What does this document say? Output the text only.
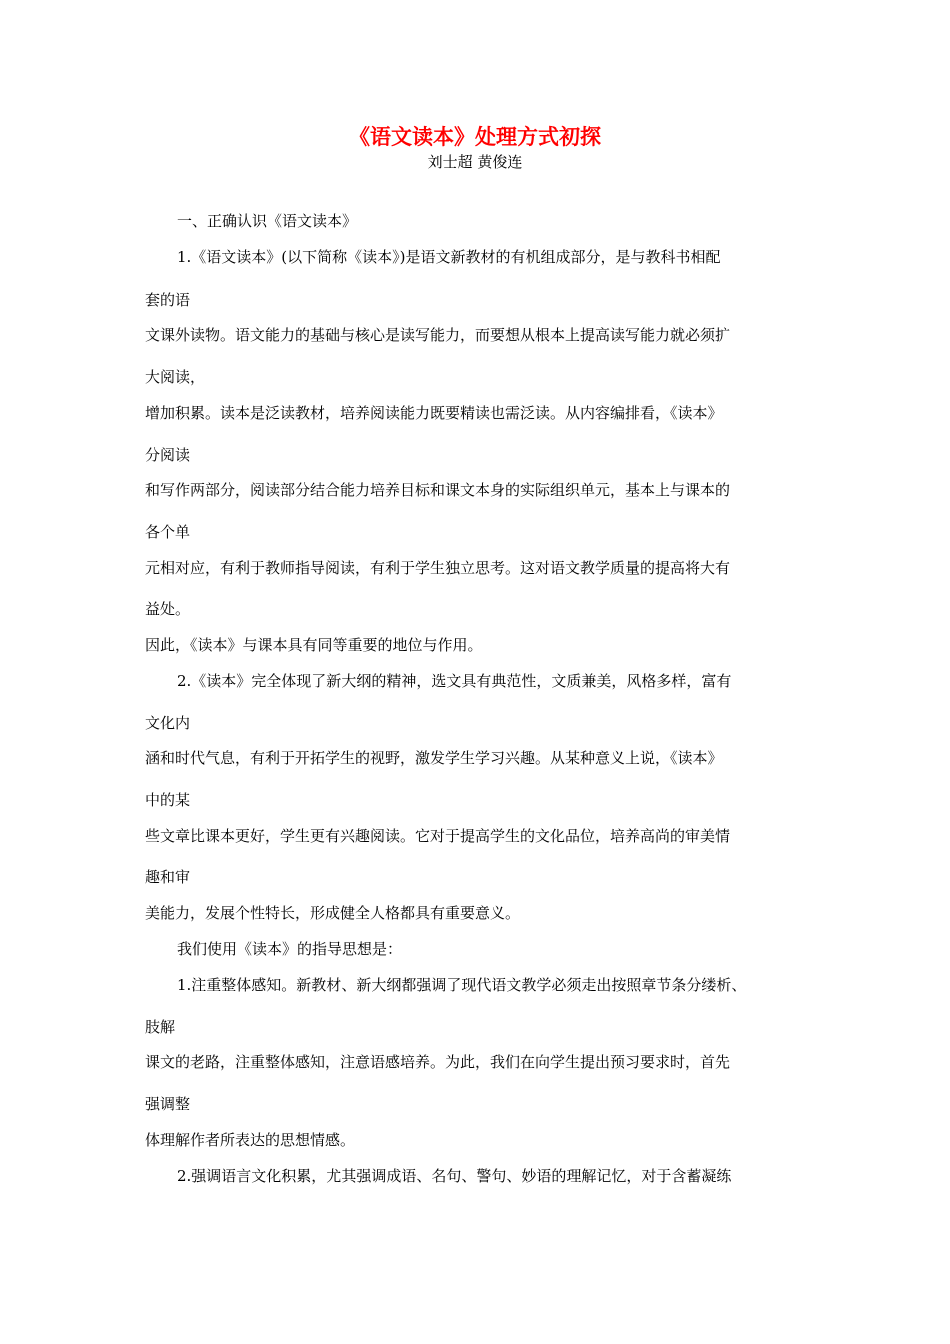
《语文读本》处理方式初探
刘士超 黄俊连
一、正确认识《语文读本》
1.《语文读本》(以下简称《读本》)是语文新教材的有机组成部分，是与教科书相配
套的语
文课外读物。语文能力的基础与核心是读写能力，而要想从根本上提高读写能力就必须扩
大阅读，
增加积累。读本是泛读教材，培养阅读能力既要精读也需泛读。从内容编排看，《读本》
分阅读
和写作两部分，阅读部分结合能力培养目标和课文本身的实际组织单元，基本上与课本的
各个单
元相对应，有利于教师指导阅读，有利于学生独立思考。这对语文教学质量的提高将大有
益处。
因此，《读本》与课本具有同等重要的地位与作用。
2.《读本》完全体现了新大纲的精神，选文具有典范性，文质兼美，风格多样，富有
文化内
涵和时代气息，有利于开拓学生的视野，激发学生学习兴趣。从某种意义上说，《读本》
中的某
些文章比课本更好，学生更有兴趣阅读。它对于提高学生的文化品位，培养高尚的审美情
趣和审
美能力，发展个性特长，形成健全人格都具有重要意义。
我们使用《读本》的指导思想是：
1.注重整体感知。新教材、新大纲都强调了现代语文教学必须走出按照章节条分缕析、
肢解
课文的老路，注重整体感知，注意语感培养。为此，我们在向学生提出预习要求时，首先
强调整
体理解作者所表达的思想情感。
2.强调语言文化积累，尤其强调成语、名句、警句、妙语的理解记忆，对于含蓄凝练
